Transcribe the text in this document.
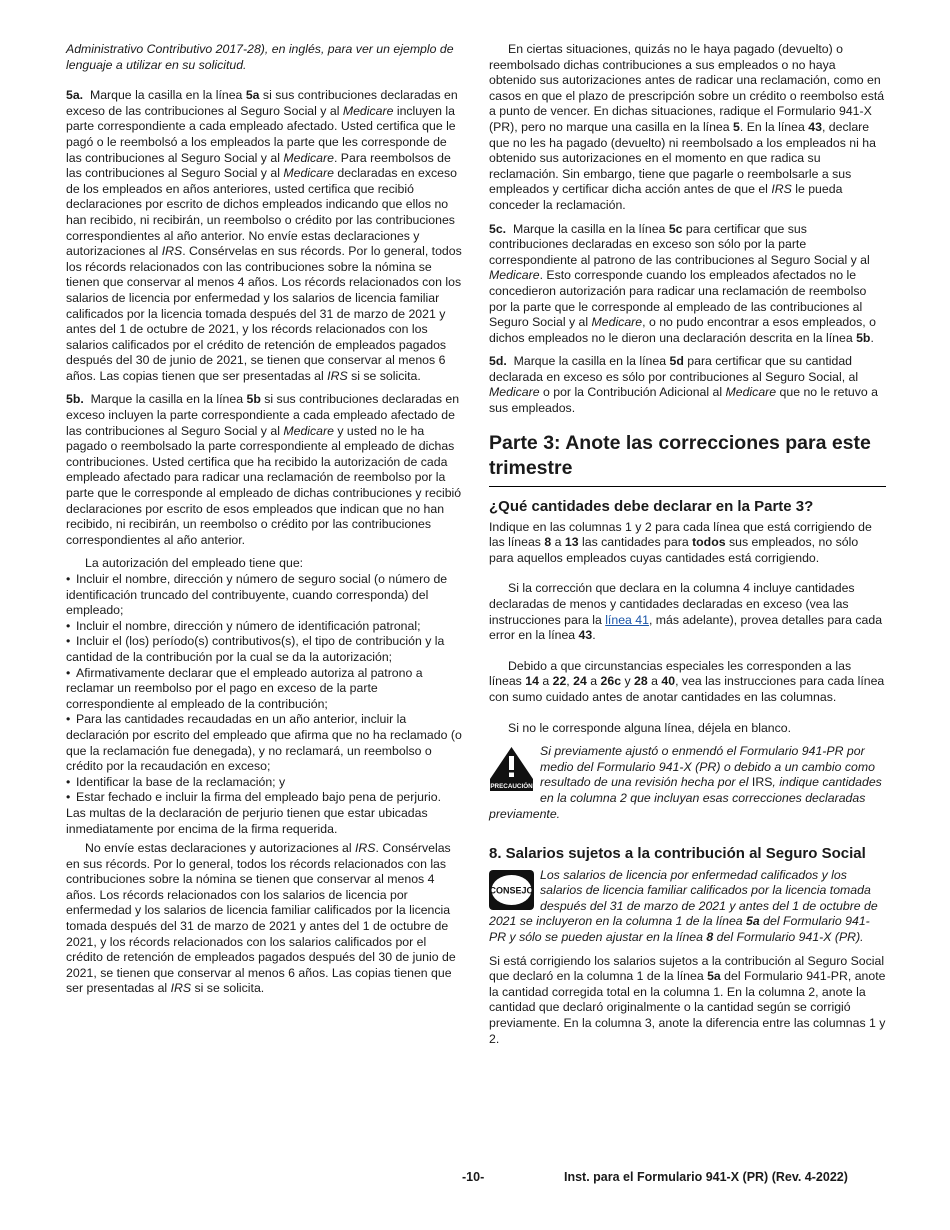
Administrativo Contributivo 2017-28), en inglés, para ver un ejemplo de lenguaje a utilizar en su solicitud.

5a. Marque la casilla en la línea 5a si sus contribuciones declaradas en exceso de las contribuciones al Seguro Social y al Medicare incluyen la parte correspondiente a cada empleado afectado. Usted certifica que le pagó o le reembolsó a los empleados la parte que les corresponde de las contribuciones al Seguro Social y al Medicare. Para reembolsos de las contribuciones al Seguro Social y al Medicare declaradas en exceso de los empleados en años anteriores, usted certifica que recibió declaraciones por escrito de dichos empleados indicando que ellos no han recibido, ni recibirán, un reembolso o crédito por las contribuciones correspondientes al año anterior. No envíe estas declaraciones y autorizaciones al IRS. Consérvelas en sus récords. Por lo general, todos los récords relacionados con las contribuciones sobre la nómina se tienen que conservar al menos 4 años. Los récords relacionados con los salarios de licencia por enfermedad y los salarios de licencia familiar calificados por la licencia tomada después del 31 de marzo de 2021 y antes del 1 de octubre de 2021, y los récords relacionados con los salarios calificados por el crédito de retención de empleados pagados después del 30 de junio de 2021, se tienen que conservar al menos 6 años. Las copias tienen que ser presentadas al IRS si se solicita.

5b. Marque la casilla en la línea 5b si sus contribuciones declaradas en exceso incluyen la parte correspondiente a cada empleado afectado de las contribuciones al Seguro Social y al Medicare y usted no le ha pagado o reembolsado la parte correspondiente al empleado de dichas contribuciones. Usted certifica que ha recibido la autorización de cada empleado afectado para radicar una reclamación de reembolso por la parte que le corresponde al empleado de dichas contribuciones y recibió declaraciones por escrito de esos empleados que indican que no han recibido, ni recibirán, un reembolso o crédito por las contribuciones correspondientes al año anterior.

La autorización del empleado tiene que:

• Incluir el nombre, dirección y número de seguro social (o número de identificación truncado del contribuyente, cuando corresponda) del empleado;
• Incluir el nombre, dirección y número de identificación patronal;
• Incluir el (los) período(s) contributivos(s), el tipo de contribución y la cantidad de la contribución por la cual se da la autorización;
• Afirmativamente declarar que el empleado autoriza al patrono a reclamar un reembolso por el pago en exceso de la parte correspondiente al empleado de la contribución;
• Para las cantidades recaudadas en un año anterior, incluir la declaración por escrito del empleado que afirma que no ha reclamado (o que la reclamación fue denegada), y no reclamará, un reembolso o crédito por la recaudación en exceso;
• Identificar la base de la reclamación; y
• Estar fechado e incluir la firma del empleado bajo pena de perjurio. Las multas de la declaración de perjurio tienen que estar ubicadas inmediatamente por encima de la firma requerida.

No envíe estas declaraciones y autorizaciones al IRS. Consérvelas en sus récords. Por lo general, todos los récords relacionados con las contribuciones sobre la nómina se tienen que conservar al menos 4 años. Los récords relacionados con los salarios de licencia por enfermedad y los salarios de licencia familiar calificados por la licencia tomada después del 31 de marzo de 2021 y antes del 1 de octubre de 2021, y los récords relacionados con los salarios calificados por el crédito de retención de empleados pagados después del 30 de junio de 2021, se tienen que conservar al menos 6 años. Las copias tienen que ser presentadas al IRS si se solicita.

En ciertas situaciones, quizás no le haya pagado (devuelto) o reembolsado dichas contribuciones a sus empleados o no haya obtenido sus autorizaciones antes de radicar una reclamación, como en casos en que el plazo de prescripción sobre un crédito o reembolso está a punto de vencer. En dichas situaciones, radique el Formulario 941-X (PR), pero no marque una casilla en la línea 5. En la línea 43, declare que no les ha pagado (devuelto) ni reembolsado a los empleados ni ha obtenido sus autorizaciones en el momento en que radica su reclamación. Sin embargo, tiene que pagarle o reembolsarle a sus empleados y certificar dicha acción antes de que el IRS le pueda conceder la reclamación.

5c. Marque la casilla en la línea 5c para certificar que sus contribuciones declaradas en exceso son sólo por la parte correspondiente al patrono de las contribuciones al Seguro Social y al Medicare. Esto corresponde cuando los empleados afectados no le concedieron autorización para radicar una reclamación de reembolso por la parte que le corresponde al empleado de las contribuciones al Seguro Social y al Medicare, o no pudo encontrar a esos empleados, o dichos empleados no le dieron una declaración descrita en la línea 5b.

5d. Marque la casilla en la línea 5d para certificar que su cantidad declarada en exceso es sólo por contribuciones al Seguro Social, al Medicare o por la Contribución Adicional al Medicare que no le retuvo a sus empleados.

Parte 3: Anote las correcciones para este trimestre
¿Qué cantidades debe declarar en la Parte 3?

Indique en las columnas 1 y 2 para cada línea que está corrigiendo de las líneas 8 a 13 las cantidades para todos sus empleados, no sólo para aquellos empleados cuyas cantidades está corrigiendo.

Si la corrección que declara en la columna 4 incluye cantidades declaradas de menos y cantidades declaradas en exceso (vea las instrucciones para la línea 41, más adelante), provea detalles para cada error en la línea 43.

Debido a que circunstancias especiales les corresponden a las líneas 14 a 22, 24 a 26c y 28 a 40, vea las instrucciones para cada línea con sumo cuidado antes de anotar cantidades en las columnas.

Si no le corresponde alguna línea, déjela en blanco.

PRECAUCIÓN
Si previamente ajustó o enmendó el Formulario 941-PR por medio del Formulario 941-X (PR) o debido a un cambio como resultado de una revisión hecha por el IRS, indique cantidades en la columna 2 que incluyan esas correcciones declaradas previamente.
8. Salarios sujetos a la contribución al Seguro Social
CONSEJO
Los salarios de licencia por enfermedad calificados y los salarios de licencia familiar calificados por la licencia tomada después del 31 de marzo de 2021 y antes del 1 de octubre de 2021 se incluyeron en la columna 1 de la línea 5a del Formulario 941-PR y sólo se pueden ajustar en la línea 8 del Formulario 941-X (PR).

Si está corrigiendo los salarios sujetos a la contribución al Seguro Social que declaró en la columna 1 de la línea 5a del Formulario 941-PR, anote la cantidad corregida total en la columna 1. En la columna 2, anote la cantidad que declaró originalmente o la cantidad según se corrigió previamente. En la columna 3, anote la diferencia entre las columnas 1 y 2.

-10-	Inst. para el Formulario 941-X (PR) (Rev. 4-2022)
